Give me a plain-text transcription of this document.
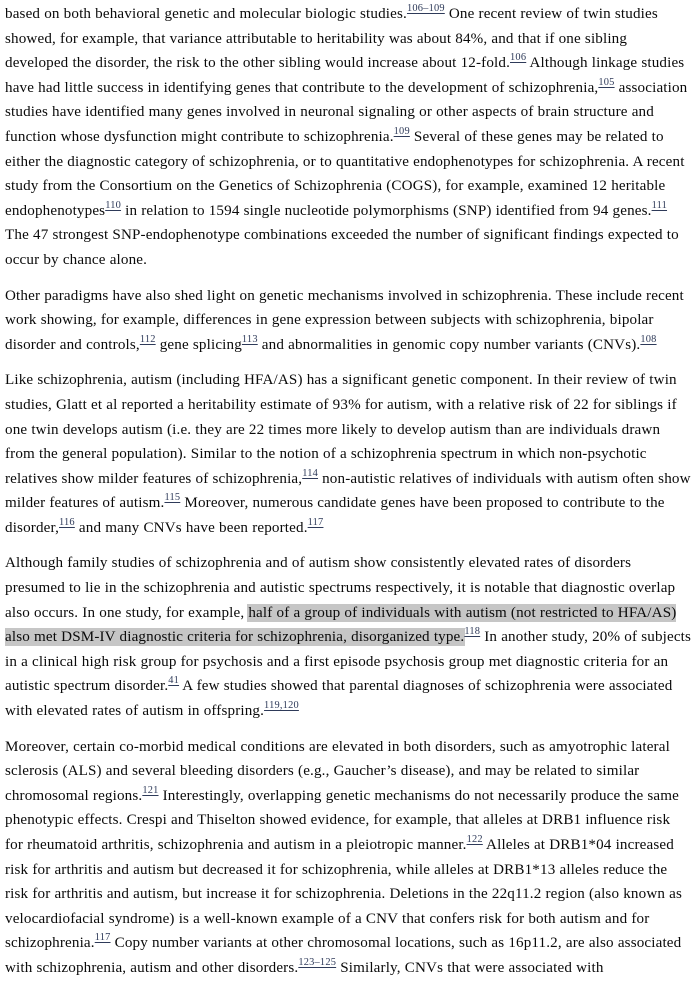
based on both behavioral genetic and molecular biologic studies.$^{106-109}$ One recent review of twin studies showed, for example, that variance attributable to heritability was about 84%, and that if one sibling developed the disorder, the risk to the other sibling would increase about 12-fold.$^{106}$ Although linkage studies have had little success in identifying genes that contribute to the development of schizophrenia,$^{105}$ association studies have identified many genes involved in neuronal signaling or other aspects of brain structure and function whose dysfunction might contribute to schizophrenia.$^{109}$ Several of these genes may be related to either the diagnostic category of schizophrenia, or to quantitative endophenotypes for schizophrenia. A recent study from the Consortium on the Genetics of Schizophrenia (COGS), for example, examined 12 heritable endophenotypes$^{110}$ in relation to 1594 single nucleotide polymorphisms (SNP) identified from 94 genes.$^{111}$ The 47 strongest SNP-endophenotype combinations exceeded the number of significant findings expected to occur by chance alone.

Other paradigms have also shed light on genetic mechanisms involved in schizophrenia. These include recent work showing, for example, differences in gene expression between subjects with schizophrenia, bipolar disorder and controls,$^{112}$ gene splicing$^{113}$ and abnormalities in genomic copy number variants (CNVs).$^{108}$

Like schizophrenia, autism (including HFA/AS) has a significant genetic component. In their review of twin studies, Glatt et al reported a heritability estimate of 93% for autism, with a relative risk of 22 for siblings if one twin develops autism (i.e. they are 22 times more likely to develop autism than are individuals drawn from the general population). Similar to the notion of a schizophrenia spectrum in which non-psychotic relatives show milder features of schizophrenia,$^{114}$ non-autistic relatives of individuals with autism often show milder features of autism.$^{115}$ Moreover, numerous candidate genes have been proposed to contribute to the disorder,$^{116}$ and many CNVs have been reported.$^{117}$

Although family studies of schizophrenia and of autism show consistently elevated rates of disorders presumed to lie in the schizophrenia and autistic spectrums respectively, it is notable that diagnostic overlap also occurs. In one study, for example, half of a group of individuals with autism (not restricted to HFA/AS) also met DSM-IV diagnostic criteria for schizophrenia, disorganized type.$^{118}$ In another study, 20% of subjects in a clinical high risk group for psychosis and a first episode psychosis group met diagnostic criteria for an autistic spectrum disorder.$^{41}$ A few studies showed that parental diagnoses of schizophrenia were associated with elevated rates of autism in offspring.$^{119,120}$

Moreover, certain co-morbid medical conditions are elevated in both disorders, such as amyotrophic lateral sclerosis (ALS) and several bleeding disorders (e.g., Gaucher’s disease), and may be related to similar chromosomal regions.$^{121}$ Interestingly, overlapping genetic mechanisms do not necessarily produce the same phenotypic effects. Crespi and Thiselton showed evidence, for example, that alleles at DRB1 influence risk for rheumatoid arthritis, schizophrenia and autism in a pleiotropic manner.$^{122}$ Alleles at DRB1*04 increased risk for arthritis and autism but decreased it for schizophrenia, while alleles at DRB1*13 alleles reduce the risk for arthritis and autism, but increase it for schizophrenia. Deletions in the 22q11.2 region (also known as velocardiofacial syndrome) is a well-known example of a CNV that confers risk for both autism and for schizophrenia.$^{117}$ Copy number variants at other chromosomal locations, such as 16p11.2, are also associated with schizophrenia, autism and other disorders.$^{123-125}$ Similarly, CNVs that were associated with
